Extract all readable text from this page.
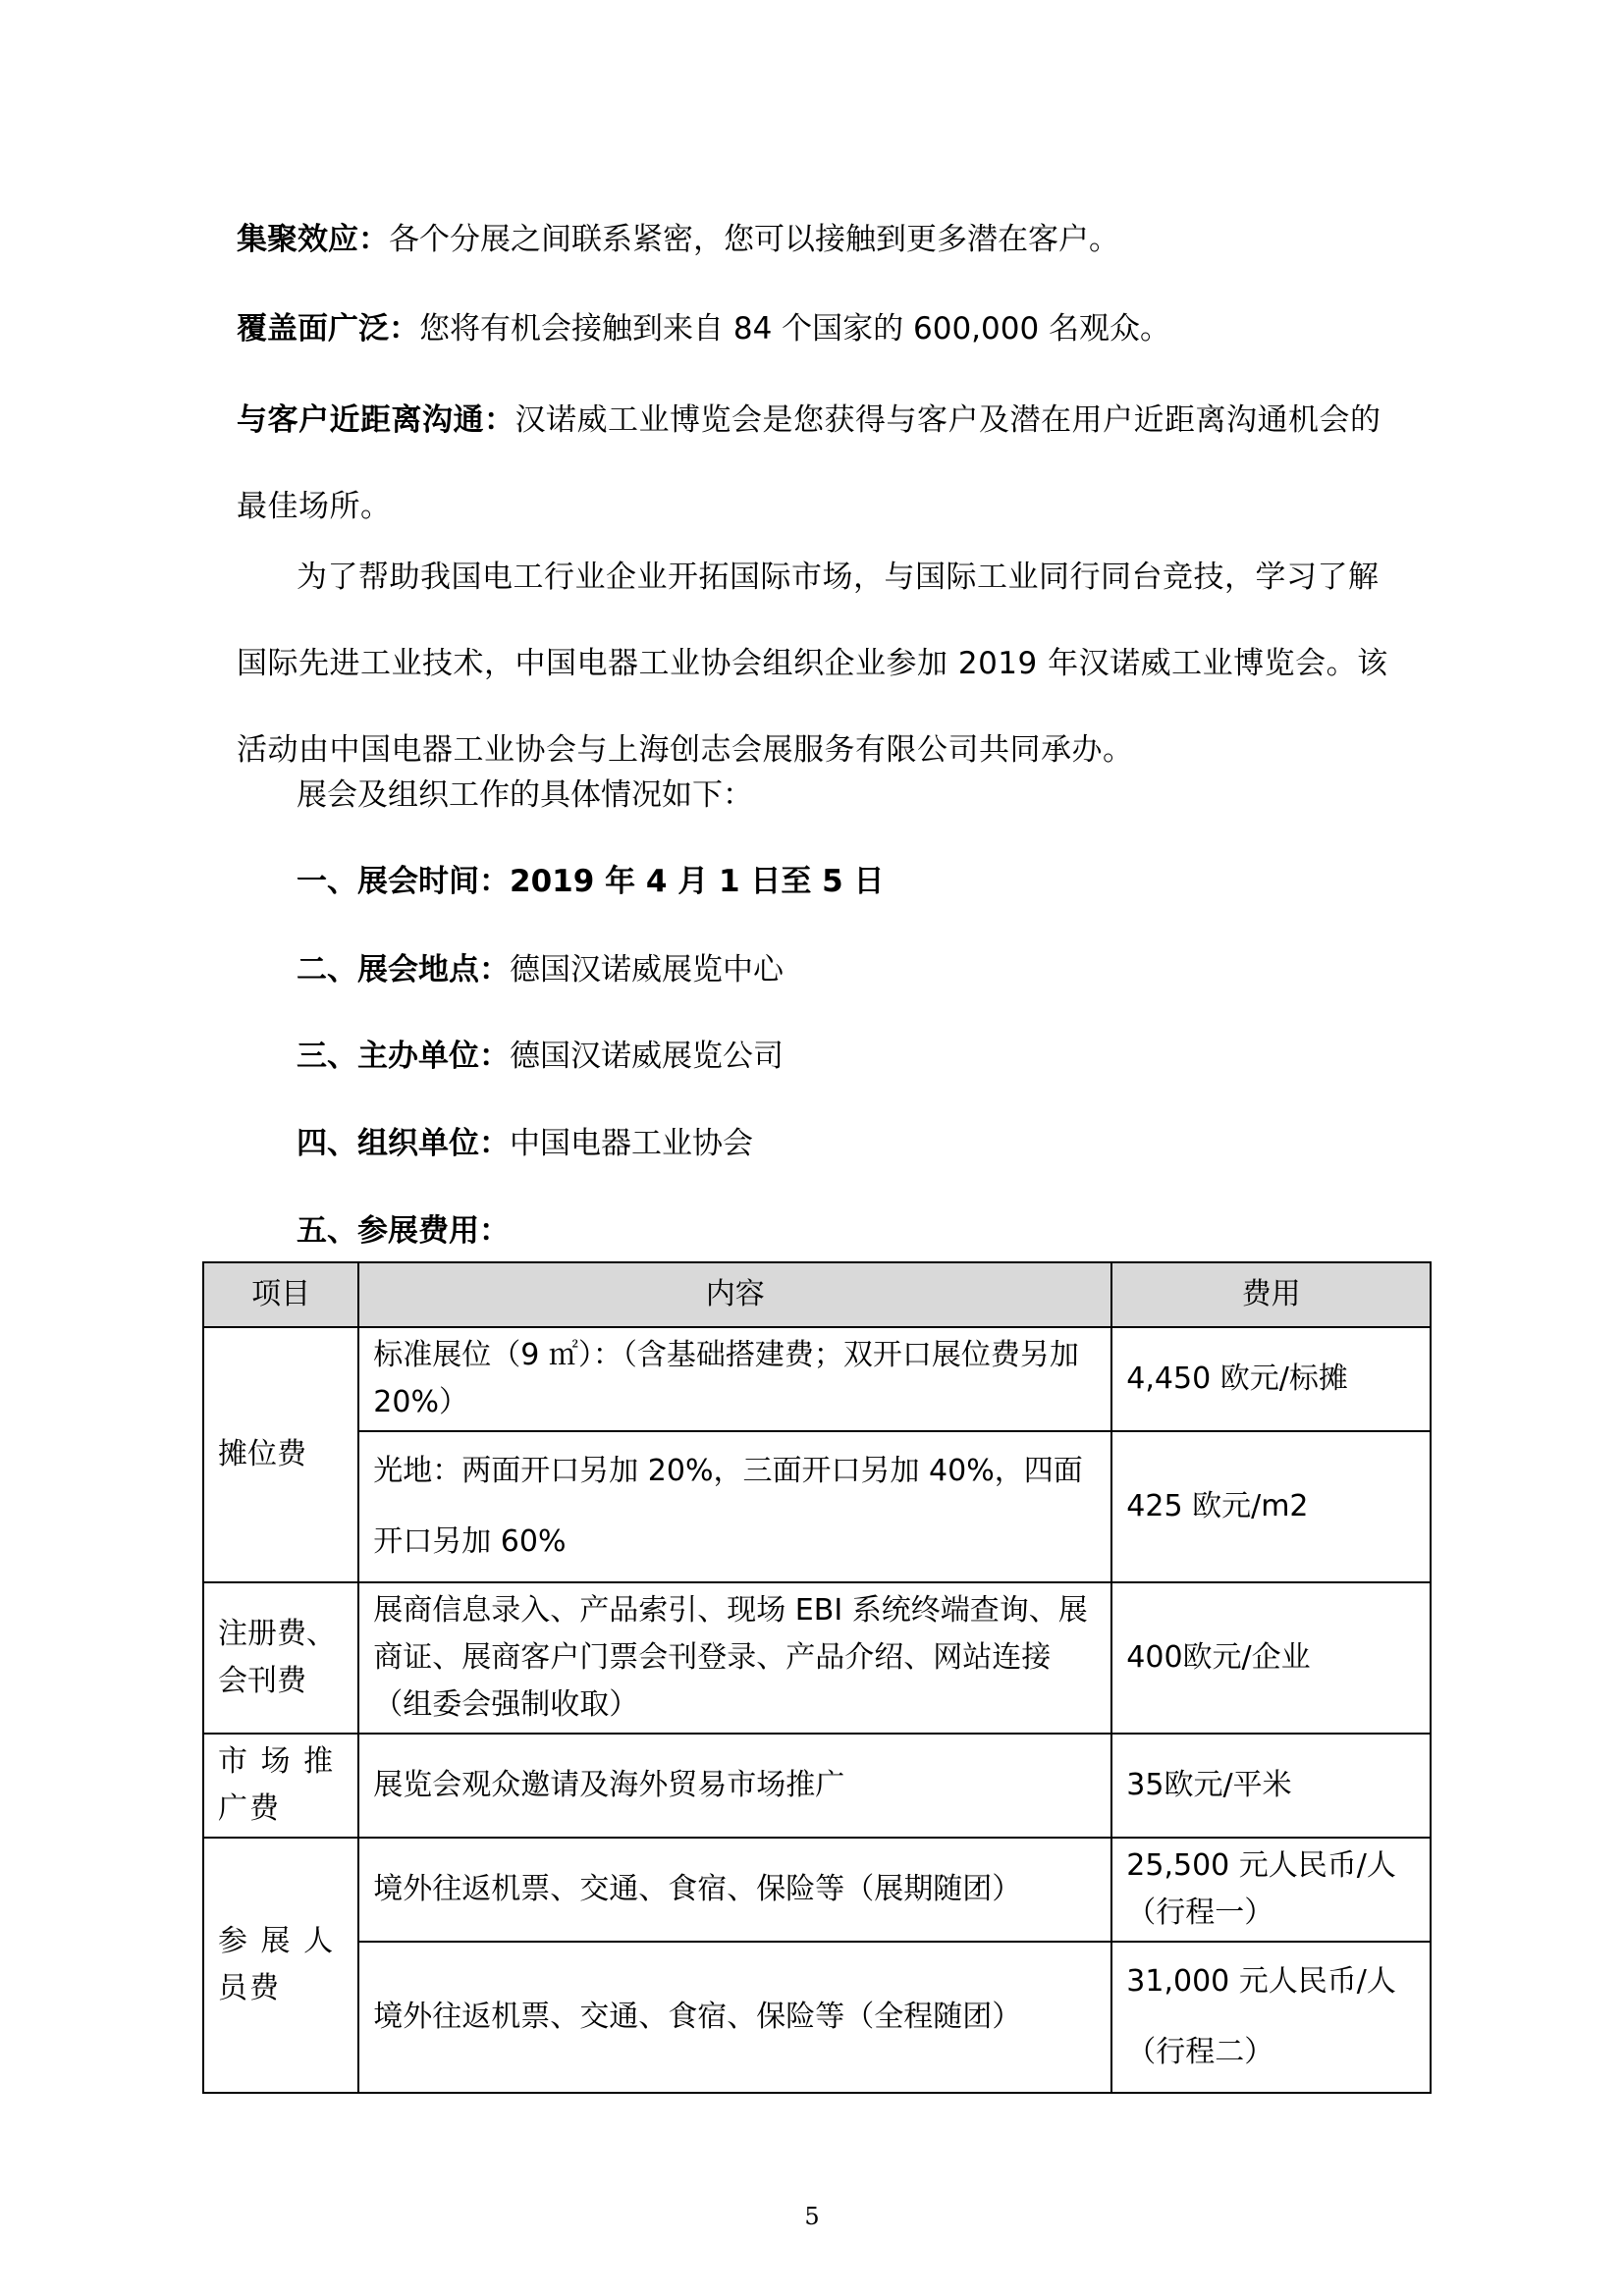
集聚效应：各个分展之间联系紧密，您可以接触到更多潜在客户。
覆盖面广泛：您将有机会接触到来自 84 个国家的 600,000 名观众。
与客户近距离沟通：汉诺威工业博览会是您获得与客户及潜在用户近距离沟通机会的最佳场所。
为了帮助我国电工行业企业开拓国际市场，与国际工业同行同台竞技，学习了解国际先进工业技术，中国电器工业协会组织企业参加 2019 年汉诺威工业博览会。该活动由中国电器工业协会与上海创志会展服务有限公司共同承办。
展会及组织工作的具体情况如下：
一、展会时间：2019 年 4 月 1 日至 5 日
二、展会地点：德国汉诺威展览中心
三、主办单位：德国汉诺威展览公司
四、组织单位：中国电器工业协会
五、参展费用：
项目	内容	费用
摊位费	标准展位（9 ㎡）：（含基础搭建费；双开口展位费另加 20%）	4,450 欧元/标摊
	光地：两面开口另加 20%，三面开口另加 40%，四面开口另加 60%	425 欧元/m2
注册费、会刊费	展商信息录入、产品索引、现场 EBI 系统终端查询、展商证、展商客户门票会刊登录、产品介绍、网站连接（组委会强制收取）	400欧元/企业
市 场 推 广费	展览会观众邀请及海外贸易市场推广	35欧元/平米
参 展 人 员费	境外往返机票、交通、食宿、保险等（展期随团）	25,500 元人民币/人（行程一）
	境外往返机票、交通、食宿、保险等（全程随团）	31,000 元人民币/人（行程二）
5
